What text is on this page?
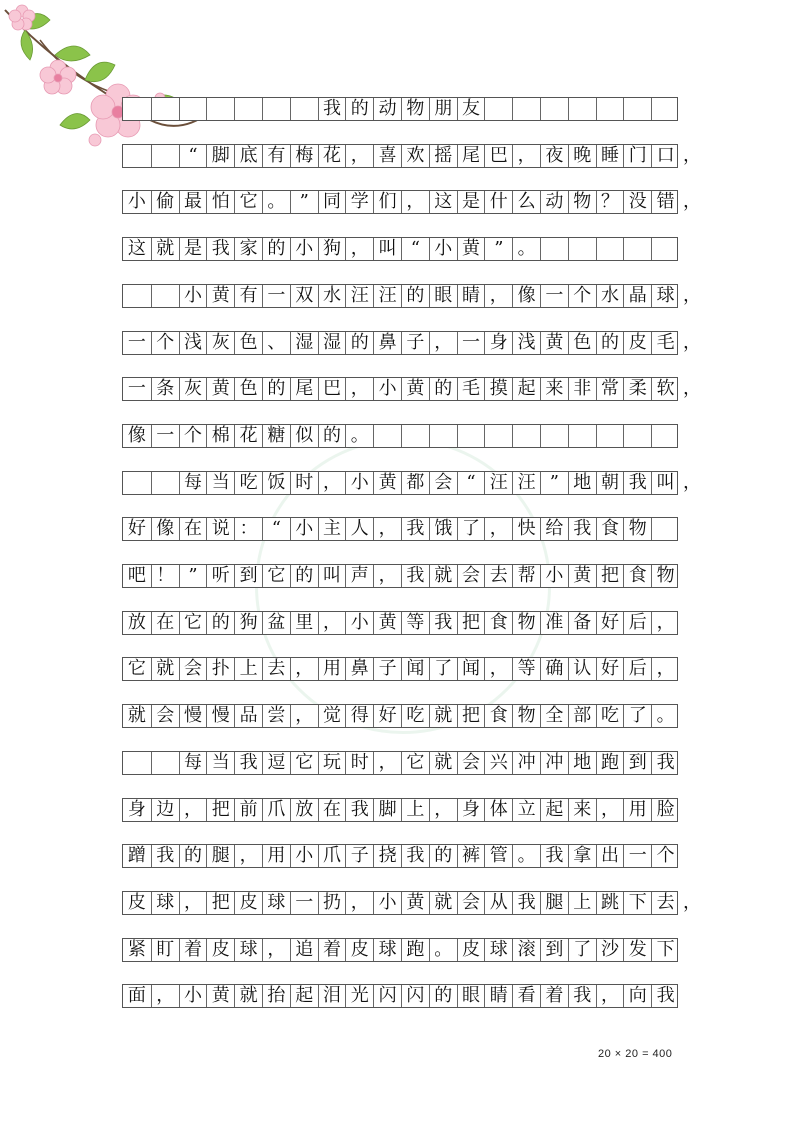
我 的 动 物 朋 友
“ 脚 底 有 梅 花 ， 喜 欢 摇 尾 巴 ， 夜 晚 睡 门 口 ，
小 偷 最 怕 它 。 ” 同 学 们 ， 这 是 什 么 动 物 ？ 没 错 ，
这 就 是 我 家 的 小 狗 ， 叫 “ 小 黄 ” 。
小 黄 有 一 双 水 汪 汪 的 眼 睛 ， 像 一 个 水 晶 球 ，
一 个 浅 灰 色 、 湿 湿 的 鼻 子 ， 一 身 浅 黄 色 的 皮 毛 ，
一 条 灰 黄 色 的 尾 巴 ， 小 黄 的 毛 摸 起 来 非 常 柔 软 ，
像 一 个 棉 花 糖 似 的 。
每 当 吃 饭 时 ， 小 黄 都 会 “ 汪 汪 ” 地 朝 我 叫 ，
好 像 在 说 ： “ 小 主 人 ， 我 饿 了 ， 快 给 我 食 物
吧 ！ ” 听 到 它 的 叫 声 ， 我 就 会 去 帮 小 黄 把 食 物
放 在 它 的 狗 盆 里 ， 小 黄 等 我 把 食 物 准 备 好 后 ，
它 就 会 扑 上 去 ， 用 鼻 子 闻 了 闻 ， 等 确 认 好 后 ，
就 会 慢 慢 品 尝 ， 觉 得 好 吃 就 把 食 物 全 部 吃 了 。
每 当 我 逗 它 玩 时 ， 它 就 会 兴 冲 冲 地 跑 到 我
身 边 ， 把 前 爪 放 在 我 脚 上 ， 身 体 立 起 来 ， 用 脸
蹭 我 的 腿 ， 用 小 爪 子 挠 我 的 裤 管 。 我 拿 出 一 个
皮 球 ， 把 皮 球 一 扔 ， 小 黄 就 会 从 我 腿 上 跳 下 去 ，
紧 盯 着 皮 球 ， 追 着 皮 球 跑 。 皮 球 滚 到 了 沙 发 下
面 ， 小 黄 就 抬 起 泪 光 闪 闪 的 眼 睛 看 着 我 ， 向 我
20 × 20 = 400
